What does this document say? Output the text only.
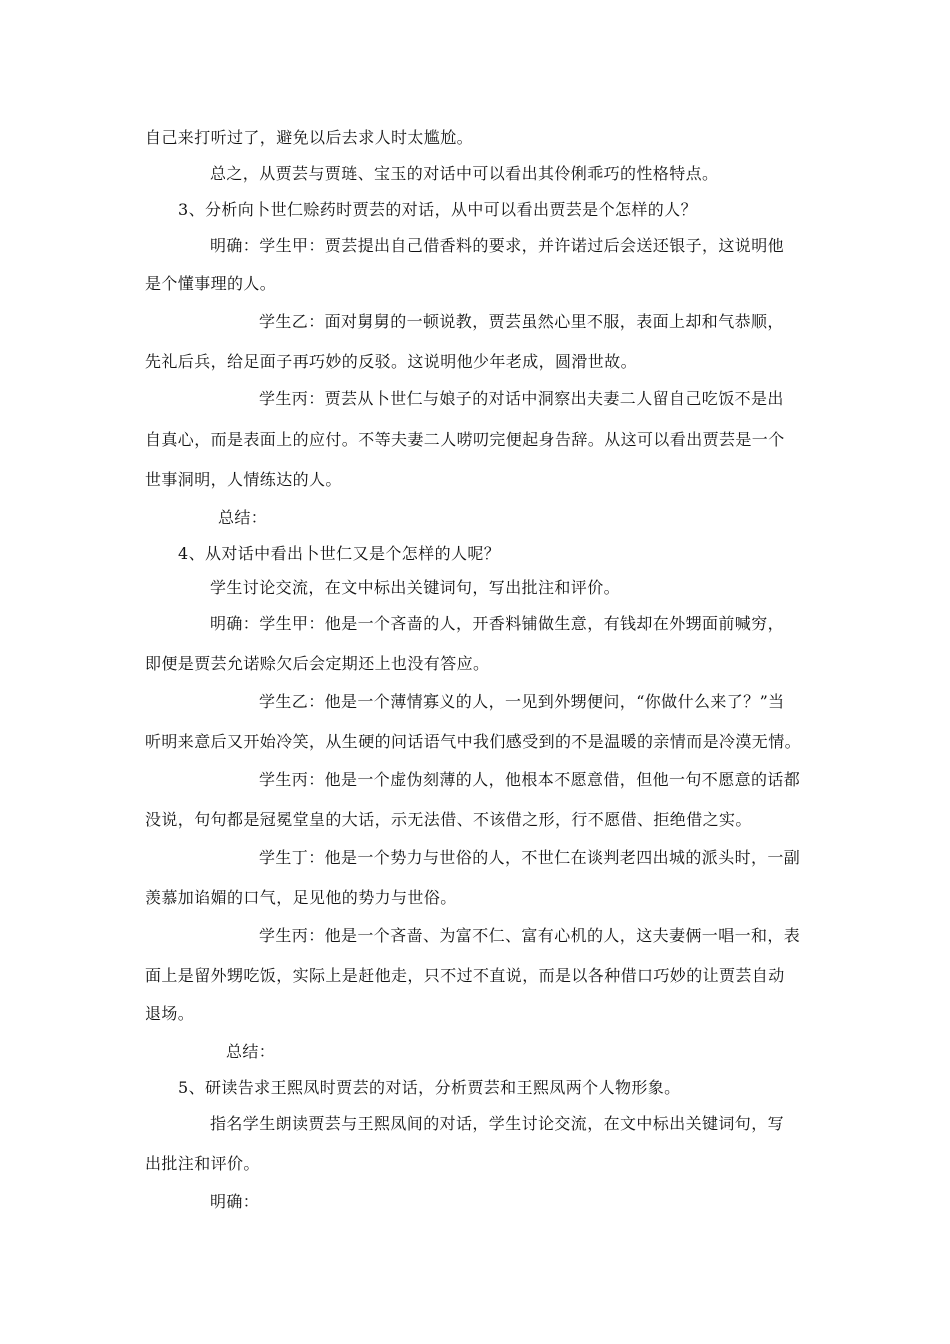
自己来打听过了，避免以后去求人时太尴尬。
总之，从贾芸与贾琏、宝玉的对话中可以看出其伶俐乖巧的性格特点。
3、分析向卜世仁赊药时贾芸的对话，从中可以看出贾芸是个怎样的人？
明确：学生甲：贾芸提出自己借香料的要求，并许诺过后会送还银子，这说明他
是个懂事理的人。
学生乙：面对舅舅的一顿说教，贾芸虽然心里不服，表面上却和气恭顺，
先礼后兵，给足面子再巧妙的反驳。这说明他少年老成，圆滑世故。
学生丙：贾芸从卜世仁与娘子的对话中洞察出夫妻二人留自己吃饭不是出
自真心，而是表面上的应付。不等夫妻二人唠叨完便起身告辞。从这可以看出贾芸是一个
世事洞明，人情练达的人。
总结：
4、从对话中看出卜世仁又是个怎样的人呢？
学生讨论交流，在文中标出关键词句，写出批注和评价。
明确：学生甲：他是一个吝啬的人，开香料铺做生意，有钱却在外甥面前喊穷，
即便是贾芸允诺赊欠后会定期还上也没有答应。
学生乙：他是一个薄情寡义的人，一见到外甥便问，“你做什么来了？”当
听明来意后又开始冷笑，从生硬的问话语气中我们感受到的不是温暖的亲情而是冷漠无情。
学生丙：他是一个虚伪刻薄的人，他根本不愿意借，但他一句不愿意的话都
没说，句句都是冠冕堂皇的大话，示无法借、不该借之形，行不愿借、拒绝借之实。
学生丁：他是一个势力与世俗的人，不世仁在谈判老四出城的派头时，一副
羡慕加谄媚的口气，足见他的势力与世俗。
学生丙：他是一个吝啬、为富不仁、富有心机的人，这夫妻俩一唱一和，表
面上是留外甥吃饭，实际上是赶他走，只不过不直说，而是以各种借口巧妙的让贾芸自动
退场。
总结：
5、研读告求王熙凤时贾芸的对话，分析贾芸和王熙凤两个人物形象。
指名学生朗读贾芸与王熙凤间的对话，学生讨论交流，在文中标出关键词句，写
出批注和评价。
明确：
